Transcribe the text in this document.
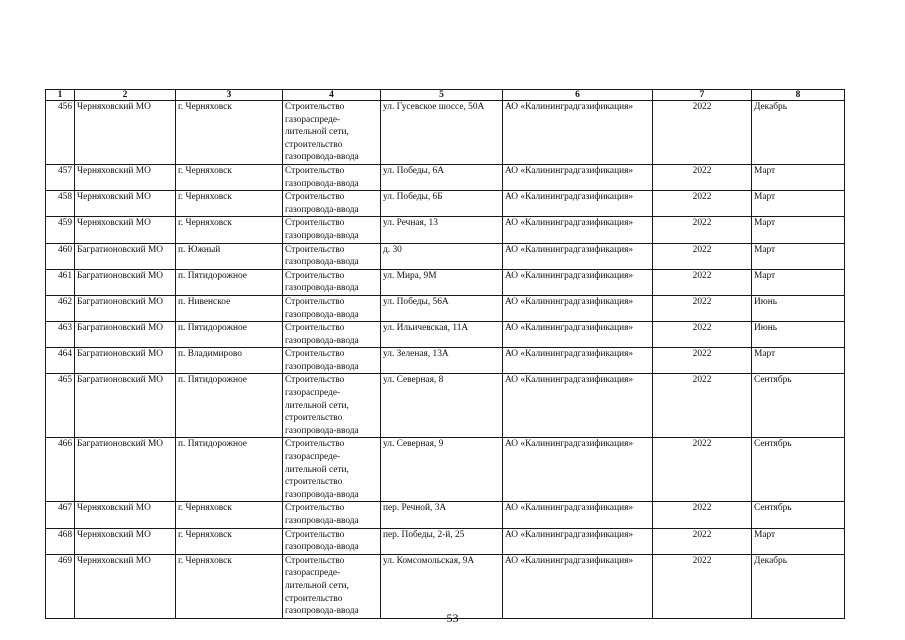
1	2	3	4	5	6	7	8
456	Черняховский МО	г. Черняховск	Строительство
газораспреде-
лительной сети,
строительство
газопровода-ввода	ул. Гусевское шоссе, 50А	АО «Калининградгазификация»	2022	Декабрь
457	Черняховский МО	г. Черняховск	Строительство
газопровода-ввода	ул. Победы, 6А	АО «Калининградгазификация»	2022	Март
458	Черняховский МО	г. Черняховск	Строительство
газопровода-ввода	ул. Победы, 6Б	АО «Калининградгазификация»	2022	Март
459	Черняховский МО	г. Черняховск	Строительство
газопровода-ввода	ул. Речная, 13	АО «Калининградгазификация»	2022	Март
460	Багратионовский МО	п. Южный	Строительство
газопровода-ввода	д. 30	АО «Калининградгазификация»	2022	Март
461	Багратионовский МО	п. Пятидорожное	Строительство
газопровода-ввода	ул. Мира, 9М	АО «Калининградгазификация»	2022	Март
462	Багратионовский МО	п. Нивенское	Строительство
газопровода-ввода	ул. Победы, 56А	АО «Калининградгазификация»	2022	Июнь
463	Багратионовский МО	п. Пятидорожное	Строительство
газопровода-ввода	ул. Ильичевская, 11А	АО «Калининградгазификация»	2022	Июнь
464	Багратионовский МО	п. Владимирово	Строительство
газопровода-ввода	ул. Зеленая, 13А	АО «Калининградгазификация»	2022	Март
465	Багратионовский МО	п. Пятидорожное	Строительство
газораспреде-
лительной сети,
строительство
газопровода-ввода	ул. Северная, 8	АО «Калининградгазификация»	2022	Сентябрь
466	Багратионовский МО	п. Пятидорожное	Строительство
газораспреде-
лительной сети,
строительство
газопровода-ввода	ул. Северная, 9	АО «Калининградгазификация»	2022	Сентябрь
467	Черняховский МО	г. Черняховск	Строительство
газопровода-ввода	пер. Речной, 3А	АО «Калининградгазификация»	2022	Сентябрь
468	Черняховский МО	г. Черняховск	Строительство
газопровода-ввода	пер. Победы, 2-й, 25	АО «Калининградгазификация»	2022	Март
469	Черняховский МО	г. Черняховск	Строительство
газораспреде-
лительной сети,
строительство
газопровода-ввода	ул. Комсомольская, 9А	АО «Калининградгазификация»	2022	Декабрь
53
